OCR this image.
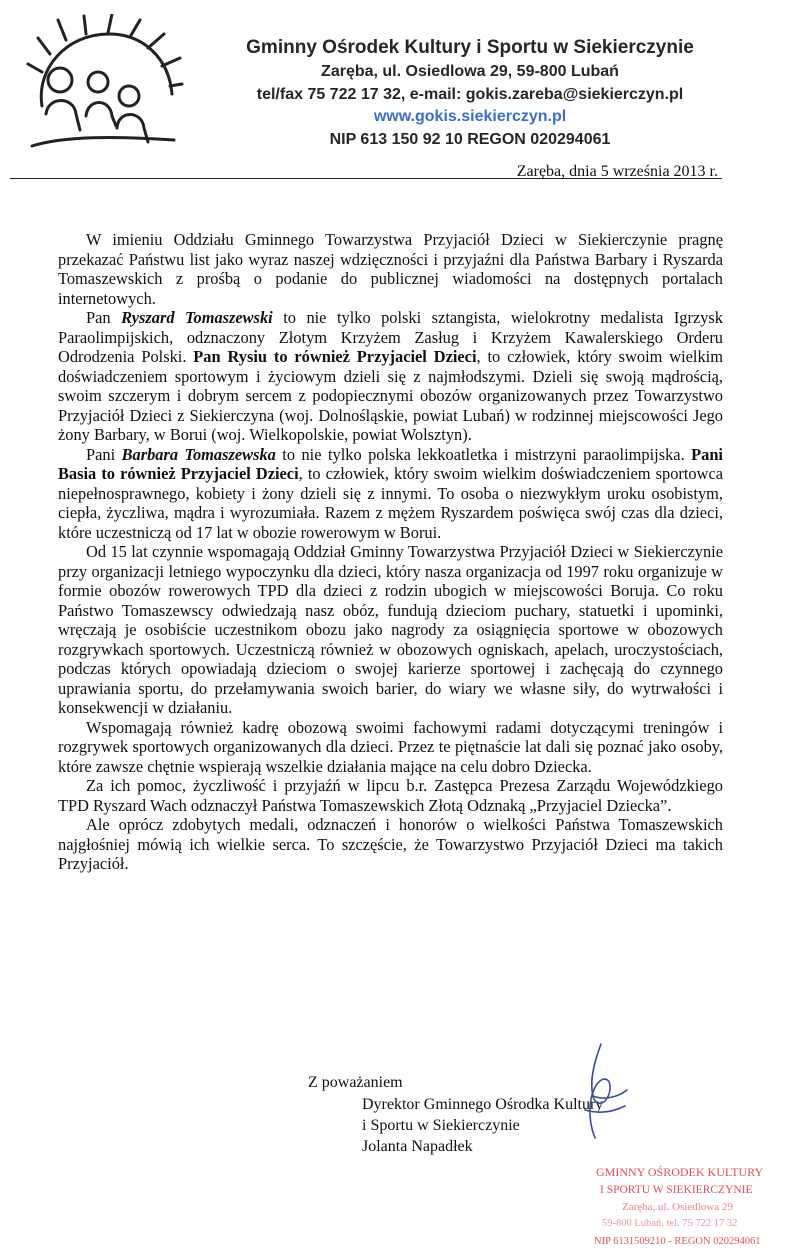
Gminny Ośrodek Kultury i Sportu w Siekierczynie
Zaręba, ul. Osiedlowa 29, 59-800 Lubań
tel/fax 75 722 17 32, e-mail: gokis.zareba@siekierczyn.pl
www.gokis.siekierczyn.pl
NIP 613 150 92 10 REGON 020294061
Zaręba, dnia 5 września 2013 r.

W imieniu Oddziału Gminnego Towarzystwa Przyjaciół Dzieci w Siekierczynie pragnę przekazać Państwu list jako wyraz naszej wdzięczności i przyjaźni dla Państwa Barbary i Ryszarda Tomaszewskich z prośbą o podanie do publicznej wiadomości na dostępnych portalach internetowych.

Pan Ryszard Tomaszewski to nie tylko polski sztangista, wielokrotny medalista Igrzysk Paraolimpijskich, odznaczony Złotym Krzyżem Zasług i Krzyżem Kawalerskiego Orderu Odrodzenia Polski. Pan Rysiu to również Przyjaciel Dzieci, to człowiek, który swoim wielkim doświadczeniem sportowym i życiowym dzieli się z najmłodszymi. Dzieli się swoją mądrością, swoim szczerym i dobrym sercem z podopiecznymi obozów organizowanych przez Towarzystwo Przyjaciół Dzieci z Siekierczyna (woj. Dolnośląskie, powiat Lubań) w rodzinnej miejscowości Jego żony Barbary, w Borui (woj. Wielkopolskie, powiat Wolsztyn).

Pani Barbara Tomaszewska to nie tylko polska lekkoatletka i mistrzyni paraolimpijska. Pani Basia to również Przyjaciel Dzieci, to człowiek, który swoim wielkim doświadczeniem sportowca niepełnosprawnego, kobiety i żony dzieli się z innymi. To osoba o niezwykłym uroku osobistym, ciepła, życzliwa, mądra i wyrozumiała. Razem z mężem Ryszardem poświęca swój czas dla dzieci, które uczestniczą od 17 lat w obozie rowerowym w Borui.

Od 15 lat czynnie wspomagają Oddział Gminny Towarzystwa Przyjaciół Dzieci w Siekierczynie przy organizacji letniego wypoczynku dla dzieci, który nasza organizacja od 1997 roku organizuje w formie obozów rowerowych TPD dla dzieci z rodzin ubogich w miejscowości Boruja. Co roku Państwo Tomaszewscy odwiedzają nasz obóz, fundują dzieciom puchary, statuetki i upominki, wręczają je osobiście uczestnikom obozu jako nagrody za osiągnięcia sportowe w obozowych rozgrywkach sportowych. Uczestniczą również w obozowych ogniskach, apelach, uroczystościach, podczas których opowiadają dzieciom o swojej karierze sportowej i zachęcają do czynnego uprawiania sportu, do przełamywania swoich barier, do wiary we własne siły, do wytrwałości i konsekwencji w działaniu.

Wspomagają również kadrę obozową swoimi fachowymi radami dotyczącymi treningów i rozgrywek sportowych organizowanych dla dzieci. Przez te piętnaście lat dali się poznać jako osoby, które zawsze chętnie wspierają wszelkie działania mające na celu dobro Dziecka.

Za ich pomoc, życzliwość i przyjaźń w lipcu b.r. Zastępca Prezesa Zarządu Wojewódzkiego TPD Ryszard Wach odznaczył Państwa Tomaszewskich Złotą Odznaką „Przyjaciel Dziecka”.

Ale oprócz zdobytych medali, odznaczeń i honorów o wielkości Państwa Tomaszewskich najgłośniej mówią ich wielkie serca. To szczęście, że Towarzystwo Przyjaciół Dzieci ma takich Przyjaciół.

Z poważaniem
Dyrektor Gminnego Ośrodka Kultury
i Sportu w Siekierczynie
Jolanta Napadłek
GMINNY OŚRODEK KULTURY
I SPORTU W SIEKIERCZYNIE
Zaręba, ul. Osiedlowa 29
59-800 Lubań, tel. 75 722 17 32
NIP 6131509210 - REGON 020294061
